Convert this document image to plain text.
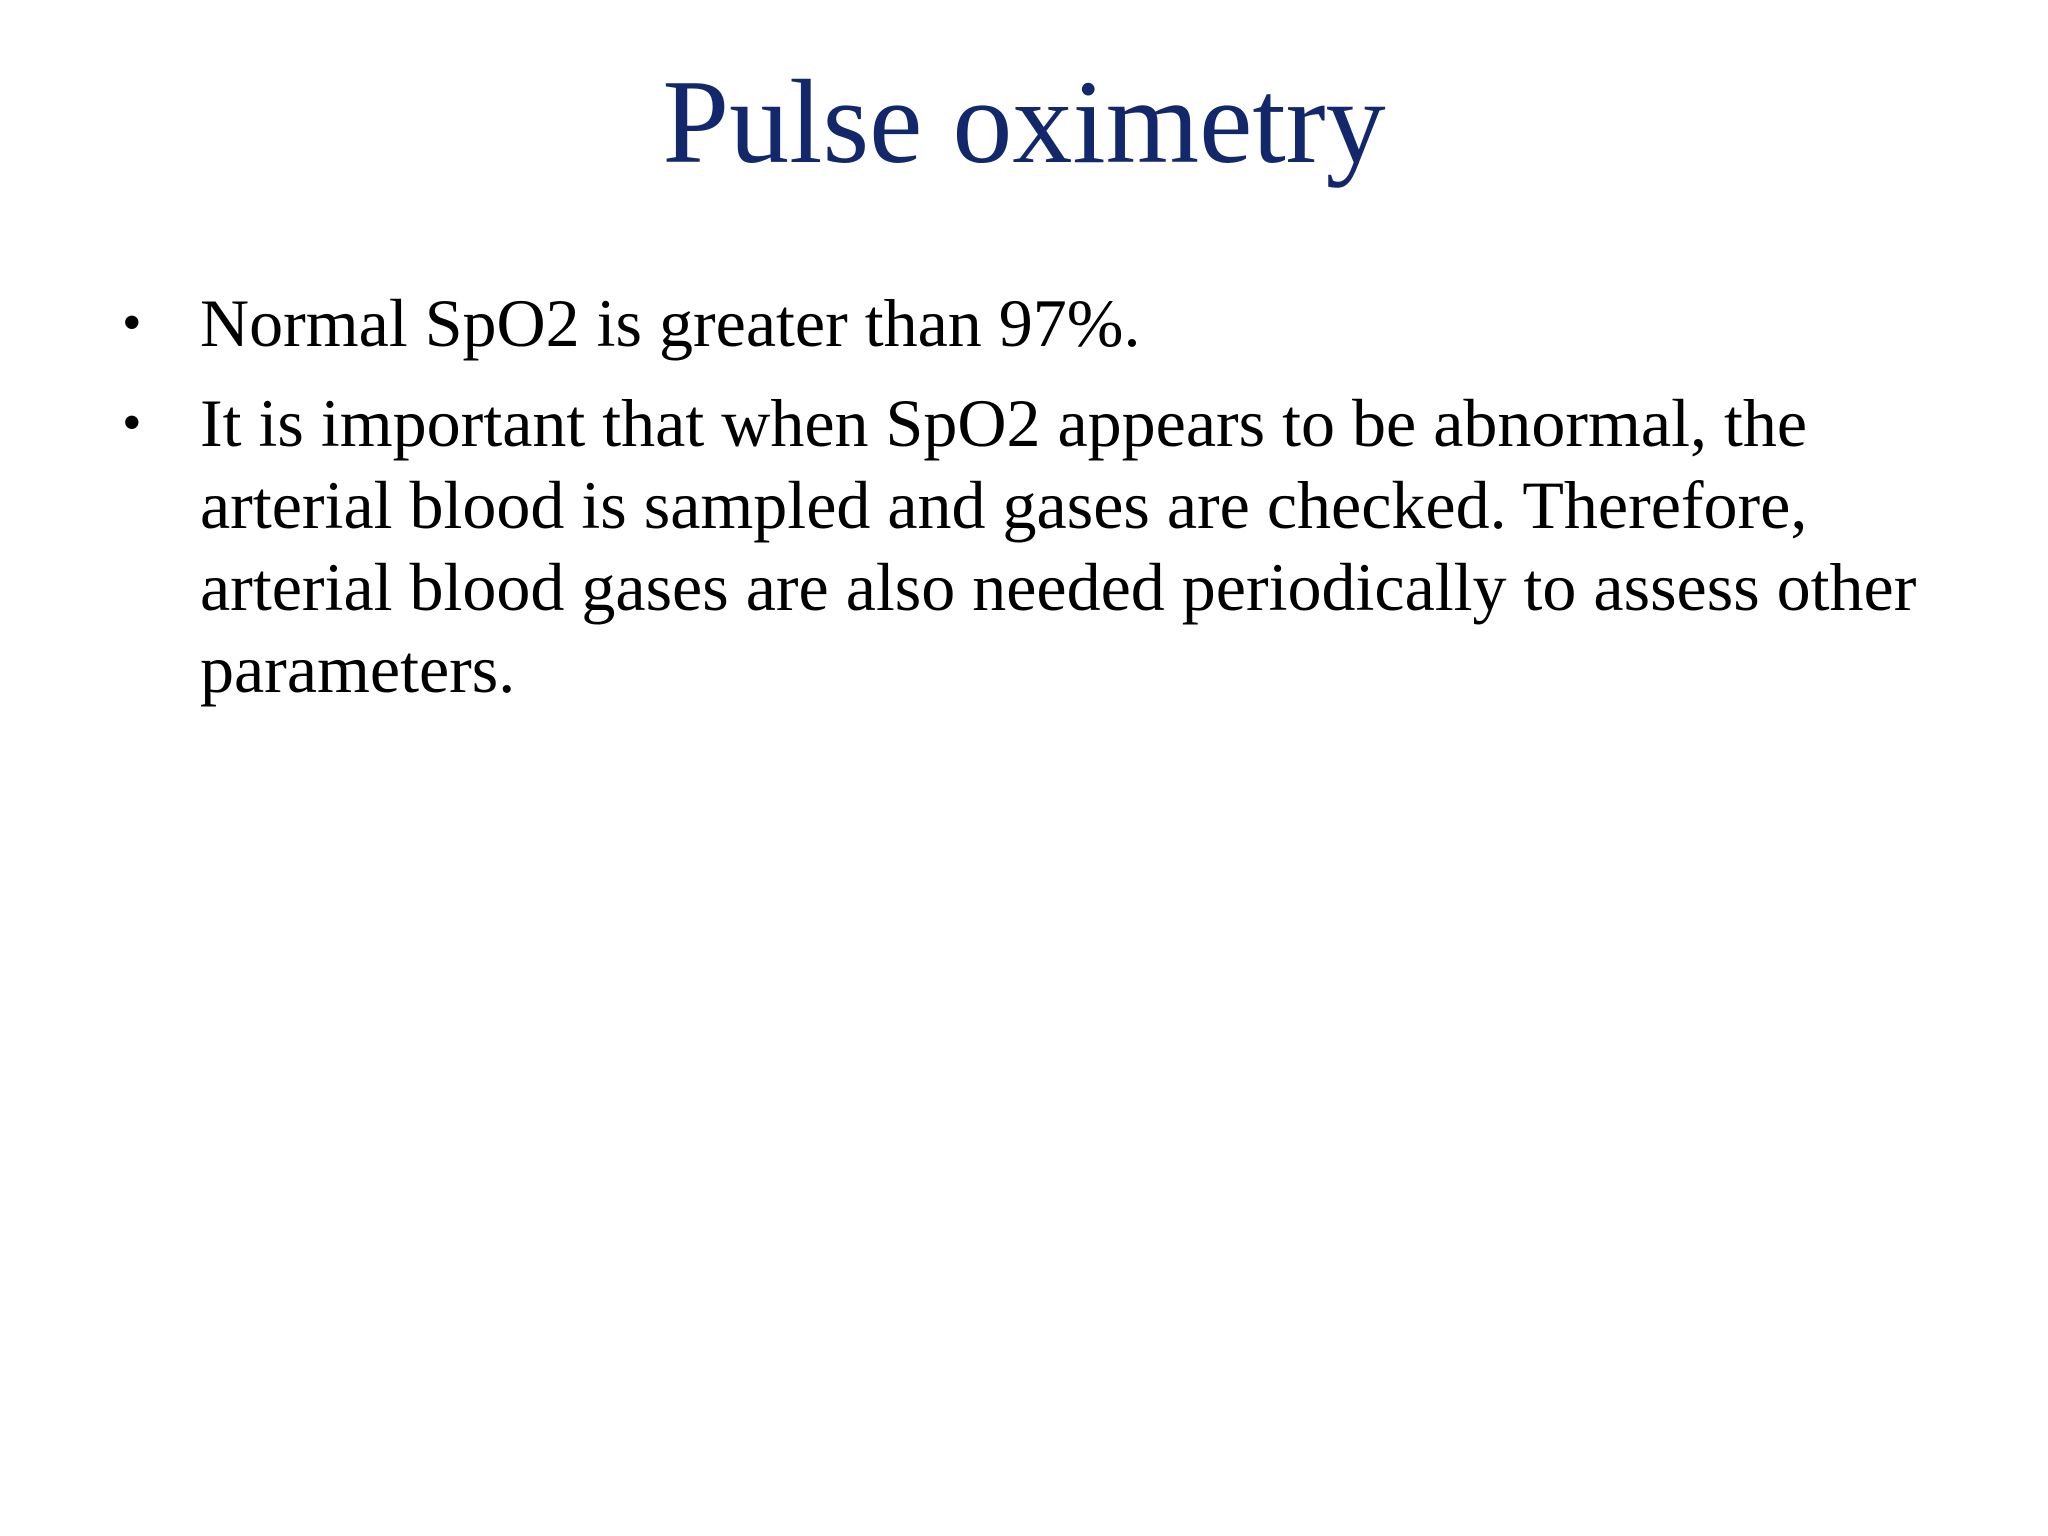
Pulse oximetry
• Normal SpO2 is greater than 97%.
• It is important that when SpO2 appears to be abnormal, the arterial blood is sampled and gases are checked. Therefore, arterial blood gases are also needed periodically to assess other parameters.
